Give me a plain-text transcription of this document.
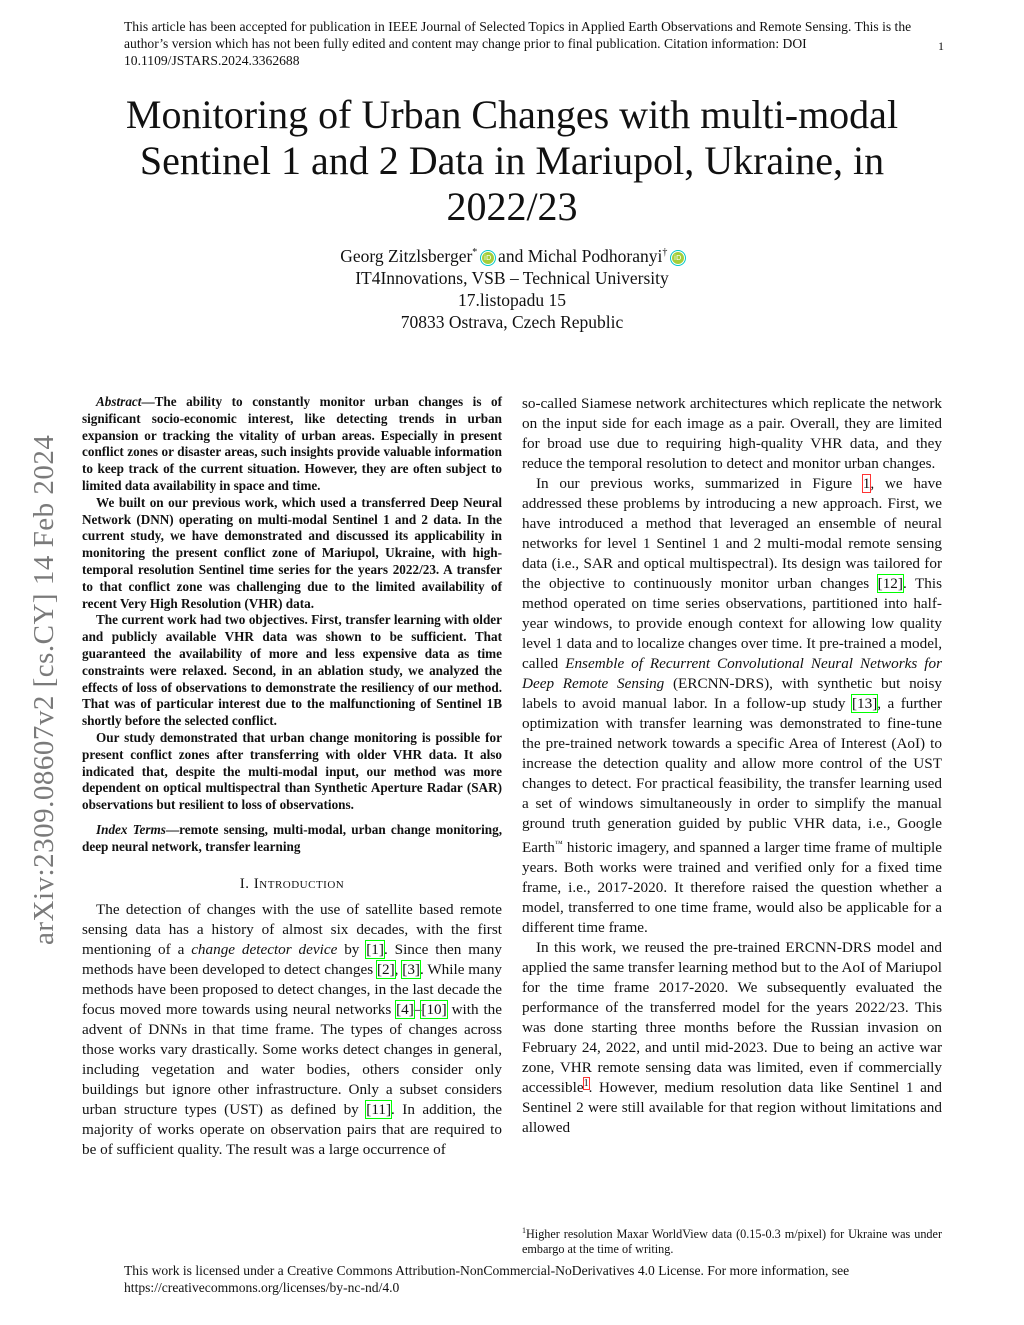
This article has been accepted for publication in IEEE Journal of Selected Topics in Applied Earth Observations and Remote Sensing. This is the author’s version which has not been fully edited and content may change prior to final publication. Citation information: DOI 10.1109/JSTARS.2024.3362688
1
Monitoring of Urban Changes with multi-modal Sentinel 1 and 2 Data in Mariupol, Ukraine, in 2022/23
Georg Zitzlsberger* iD and Michal Podhoranyi† iD
IT4Innovations, VSB – Technical University
17.listopadu 15
70833 Ostrava, Czech Republic
arXiv:2309.08607v2 [cs.CY] 14 Feb 2024

Abstract—The ability to constantly monitor urban changes is of significant socio-economic interest, like detecting trends in urban expansion or tracking the vitality of urban areas. Especially in present conflict zones or disaster areas, such insights provide valuable information to keep track of the current situation. However, they are often subject to limited data availability in space and time.

We built on our previous work, which used a transferred Deep Neural Network (DNN) operating on multi-modal Sentinel 1 and 2 data. In the current study, we have demonstrated and discussed its applicability in monitoring the present conflict zone of Mariupol, Ukraine, with high-temporal resolution Sentinel time series for the years 2022/23. A transfer to that conflict zone was challenging due to the limited availability of recent Very High Resolution (VHR) data.

The current work had two objectives. First, transfer learning with older and publicly available VHR data was shown to be sufficient. That guaranteed the availability of more and less expensive data as time constraints were relaxed. Second, in an ablation study, we analyzed the effects of loss of observations to demonstrate the resiliency of our method. That was of particular interest due to the malfunctioning of Sentinel 1B shortly before the selected conflict.

Our study demonstrated that urban change monitoring is possible for present conflict zones after transferring with older VHR data. It also indicated that, despite the multi-modal input, our method was more dependent on optical multispectral than Synthetic Aperture Radar (SAR) observations but resilient to loss of observations.

Index Terms—remote sensing, multi-modal, urban change monitoring, deep neural network, transfer learning
I. Introduction

The detection of changes with the use of satellite based remote sensing data has a history of almost six decades, with the first mentioning of a change detector device by [1]. Since then many methods have been developed to detect changes [2], [3]. While many methods have been proposed to detect changes, in the last decade the focus moved more towards using neural networks [4]–[10] with the advent of DNNs in that time frame. The types of changes across those works vary drastically. Some works detect changes in general, including vegetation and water bodies, others consider only buildings but ignore other infrastructure. Only a subset considers urban structure types (UST) as defined by [11]. In addition, the majority of works operate on observation pairs that are required to be of sufficient quality. The result was a large occurrence of

so-called Siamese network architectures which replicate the network on the input side for each image as a pair. Overall, they are limited for broad use due to requiring high-quality VHR data, and they reduce the temporal resolution to detect and monitor urban changes.

In our previous works, summarized in Figure 1, we have addressed these problems by introducing a new approach. First, we have introduced a method that leveraged an ensemble of neural networks for level 1 Sentinel 1 and 2 multi-modal remote sensing data (i.e., SAR and optical multispectral). Its design was tailored for the objective to continuously monitor urban changes [12]. This method operated on time series observations, partitioned into half-year windows, to provide enough context for allowing low quality level 1 data and to localize changes over time. It pre-trained a model, called Ensemble of Recurrent Convolutional Neural Networks for Deep Remote Sensing (ERCNN-DRS), with synthetic but noisy labels to avoid manual labor. In a follow-up study [13], a further optimization with transfer learning was demonstrated to fine-tune the pre-trained network towards a specific Area of Interest (AoI) to increase the detection quality and allow more control of the UST changes to detect. For practical feasibility, the transfer learning used a set of windows simultaneously in order to simplify the manual ground truth generation guided by public VHR data, i.e., Google Earth™ historic imagery, and spanned a larger time frame of multiple years. Both works were trained and verified only for a fixed time frame, i.e., 2017-2020. It therefore raised the question whether a model, transferred to one time frame, would also be applicable for a different time frame.

In this work, we reused the pre-trained ERCNN-DRS model and applied the same transfer learning method but to the AoI of Mariupol for the time frame 2017-2020. We subsequently evaluated the performance of the transferred model for the years 2022/23. This was done starting three months before the Russian invasion on February 24, 2022, and until mid-2023. Due to being an active war zone, VHR remote sensing data was limited, even if commercially accessible$^1$. However, medium resolution data like Sentinel 1 and Sentinel 2 were still available for that region without limitations and allowed

$^1$Higher resolution Maxar WorldView data (0.15-0.3 m/pixel) for Ukraine was under embargo at the time of writing.
This work is licensed under a Creative Commons Attribution-NonCommercial-NoDerivatives 4.0 License. For more information, see https://creativecommons.org/licenses/by-nc-nd/4.0
